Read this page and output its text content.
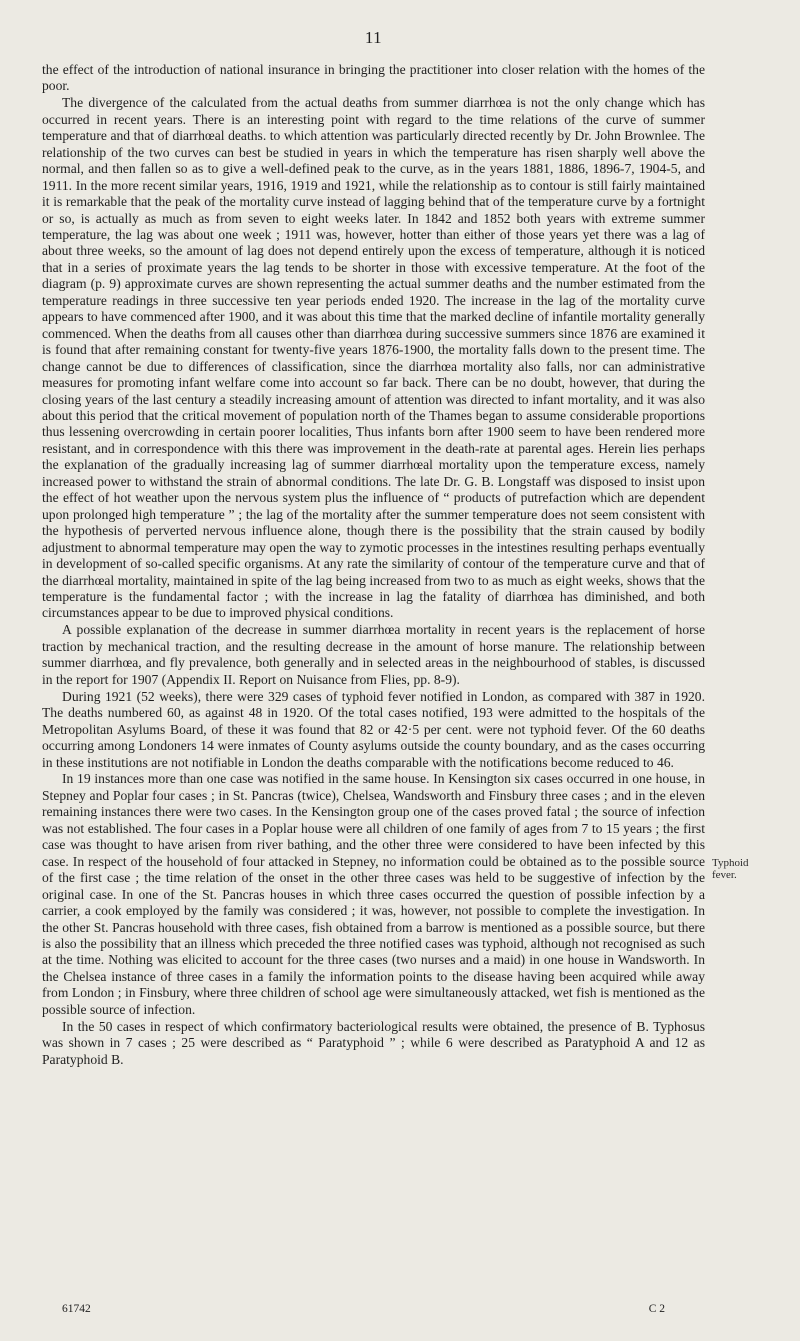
11

the effect of the introduction of national insurance in bringing the practitioner into closer relation with the homes of the poor.

The divergence of the calculated from the actual deaths from summer diarrhœa is not the only change which has occurred in recent years. There is an interesting point with regard to the time relations of the curve of summer temperature and that of diarrhœal deaths. to which attention was particularly directed recently by Dr. John Brownlee. The relationship of the two curves can best be studied in years in which the temperature has risen sharply well above the normal, and then fallen so as to give a well-defined peak to the curve, as in the years 1881, 1886, 1896-7, 1904-5, and 1911. In the more recent similar years, 1916, 1919 and 1921, while the relationship as to contour is still fairly maintained it is remarkable that the peak of the mortality curve instead of lagging behind that of the temperature curve by a fortnight or so, is actually as much as from seven to eight weeks later. In 1842 and 1852 both years with extreme summer temperature, the lag was about one week ; 1911 was, however, hotter than either of those years yet there was a lag of about three weeks, so the amount of lag does not depend entirely upon the excess of temperature, although it is noticed that in a series of proximate years the lag tends to be shorter in those with excessive temperature. At the foot of the diagram (p. 9) approximate curves are shown representing the actual summer deaths and the number estimated from the temperature readings in three successive ten year periods ended 1920. The increase in the lag of the mortality curve appears to have commenced after 1900, and it was about this time that the marked decline of infantile mortality generally commenced. When the deaths from all causes other than diarrhœa during successive summers since 1876 are examined it is found that after remaining constant for twenty-five years 1876-1900, the mortality falls down to the present time. The change cannot be due to differences of classification, since the diarrhœa mortality also falls, nor can administrative measures for promoting infant welfare come into account so far back. There can be no doubt, however, that during the closing years of the last century a steadily increasing amount of attention was directed to infant mortality, and it was also about this period that the critical movement of population north of the Thames began to assume considerable proportions thus lessening overcrowding in certain poorer localities, Thus infants born after 1900 seem to have been rendered more resistant, and in correspondence with this there was improvement in the death-rate at parental ages. Herein lies perhaps the explanation of the gradually increasing lag of summer diarrhœal mortality upon the temperature excess, namely increased power to withstand the strain of abnormal conditions. The late Dr. G. B. Longstaff was disposed to insist upon the effect of hot weather upon the nervous system plus the influence of “ products of putrefaction which are dependent upon prolonged high temperature ” ; the lag of the mortality after the summer temperature does not seem consistent with the hypothesis of perverted nervous influence alone, though there is the possibility that the strain caused by bodily adjustment to abnormal temperature may open the way to zymotic processes in the intestines resulting perhaps eventually in development of so-called specific organisms. At any rate the similarity of contour of the temperature curve and that of the diarrhœal mortality, maintained in spite of the lag being increased from two to as much as eight weeks, shows that the temperature is the fundamental factor ; with the increase in lag the fatality of diarrhœa has diminished, and both circumstances appear to be due to improved physical conditions.

A possible explanation of the decrease in summer diarrhœa mortality in recent years is the replacement of horse traction by mechanical traction, and the resulting decrease in the amount of horse manure. The relationship between summer diarrhœa, and fly prevalence, both generally and in selected areas in the neighbourhood of stables, is discussed in the report for 1907 (Appendix II. Report on Nuisance from Flies, pp. 8-9).

During 1921 (52 weeks), there were 329 cases of typhoid fever notified in London, as compared with 387 in 1920. The deaths numbered 60, as against 48 in 1920. Of the total cases notified, 193 were admitted to the hospitals of the Metropolitan Asylums Board, of these it was found that 82 or 42·5 per cent. were not typhoid fever. Of the 60 deaths occurring among Londoners 14 were inmates of County asylums outside the county boundary, and as the cases occurring in these institutions are not notifiable in London the deaths comparable with the notifications become reduced to 46.

In 19 instances more than one case was notified in the same house. In Kensington six cases occurred in one house, in Stepney and Poplar four cases ; in St. Pancras (twice), Chelsea, Wandsworth and Finsbury three cases ; and in the eleven remaining instances there were two cases. In the Kensington group one of the cases proved fatal ; the source of infection was not established. The four cases in a Poplar house were all children of one family of ages from 7 to 15 years ; the first case was thought to have arisen from river bathing, and the other three were considered to have been infected by this case. In respect of the household of four attacked in Stepney, no information could be obtained as to the possible source of the first case ; the time relation of the onset in the other three cases was held to be suggestive of infection by the original case. In one of the St. Pancras houses in which three cases occurred the question of possible infection by a carrier, a cook employed by the family was considered ; it was, however, not possible to complete the investigation. In the other St. Pancras household with three cases, fish obtained from a barrow is mentioned as a possible source, but there is also the possibility that an illness which preceded the three notified cases was typhoid, although not recognised as such at the time. Nothing was elicited to account for the three cases (two nurses and a maid) in one house in Wandsworth. In the Chelsea instance of three cases in a family the information points to the disease having been acquired while away from London ; in Finsbury, where three children of school age were simultaneously attacked, wet fish is mentioned as the possible source of infection.

In the 50 cases in respect of which confirmatory bacteriological results were obtained, the presence of B. Typhosus was shown in 7 cases ; 25 were described as “ Paratyphoid ” ; while 6 were described as Paratyphoid A and 12 as Paratyphoid B.

Typhoid fever.
61742	C 2
